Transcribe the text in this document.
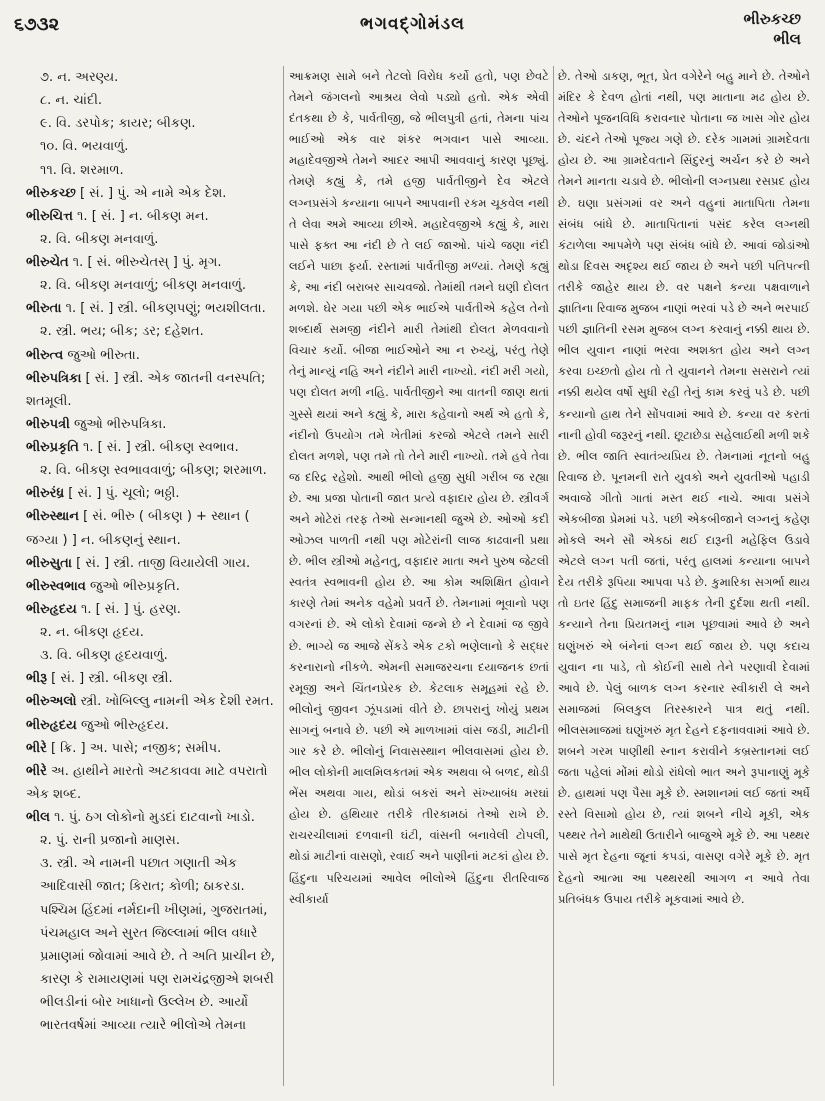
૬૭૩૨	ભગવદ્ગોમંડલ	ભીરુકચ્છ
ભીલ

૭. ન. અરણ્ય.

૮. ન. ચાંદી.

૯. વિ. ડરપોક; કાયર; બીકણ.

૧૦. વિ. ભયવાળું.

૧૧. વિ. શરમાળ.

ભીરુકચ્છ [ સં. ] પું. એ નામે એક દેશ.

ભીરુચિત્ત ૧. [ સં. ] ન. બીકણ મન.

૨. વિ. બીકણ મનવાળું.

ભીરુચેત ૧. [ સં. ભીરુચેતસ્ ] પું. મૃગ.

૨. વિ. બીકણ મનવાળું; બીકણ મનવાળું.

ભીરુતા ૧. [ સં. ] સ્ત્રી. બીકણપણું; ભયશીલતા.

૨. સ્ત્રી. ભય; બીક; ડર; દહેશત.

ભીરુત્વ જુઓ ભીરુતા.

ભીરુપત્રિકા [ સં. ] સ્ત્રી. એક જાતની વનસ્પતિ; શતમૂલી.

ભીરુપત્રી જુઓ ભીરુપત્રિકા.

ભીરુપ્રકૃતિ ૧. [ સં. ] સ્ત્રી. બીકણ સ્વભાવ.

૨. વિ. બીકણ સ્વભાવવાળું; બીકણ; શરમાળ.

ભીરુરંધ્ર [ સં. ] પું. ચૂલો; ભઠ્ઠી.

ભીરુસ્થાન [ સં. ભીરુ ( બીકણ ) + સ્થાન ( જગ્યા ) ] ન. બીકણનું સ્થાન.

ભીરુસુતા [ સં. ] સ્ત્રી. તાજી વિયાયેલી ગાય.

ભીરુસ્વભાવ જુઓ ભીરુપ્રકૃતિ.

ભીરુહૃદય ૧. [ સં. ] પું. હરણ.

૨. ન. બીકણ હૃદય.

૩. વિ. બીકણ હૃદયવાળું.

ભીરૂ [ સં. ] સ્ત્રી. બીકણ સ્ત્રી.

ભીરુઅલો સ્ત્રી. ખોબિલ્લુ નામની એક દેશી રમત.

ભીરુહૃદય જુઓ ભીરુહૃદય.

ભીરે [ ક્રિ. ] અ. પાસે; નજીક; સમીપ.

ભીરે અ. હાથીને મારતો અટકાવવા માટે વપરાતો એક શબ્દ.

ભીલ ૧. પું. ઠગ લોકોનો મુડદાં દાટવાનો ખાડો.

૨. પું. રાની પ્રજાનો માણસ.

૩. સ્ત્રી. એ નામની પછાત ગણાતી એક આદિવાસી જાત; કિરાત; કોળી; ઠાકરડા. પશ્ચિમ હિંદમાં નર્મદાની ખીણમાં, ગુજરાતમાં, પંચમહાલ અને સુરત જિલ્લામાં ભીલ વધારે પ્રમાણમાં જોવામાં આવે છે. તે અતિ પ્રાચીન છે, કારણ કે રામાયણમાં પણ રામચંદ્રજીએ શબરી ભીલડીનાં બોર ખાધાનો ઉલ્લેખ છે. આર્યો ભારતવર્ષમાં આવ્યા ત્યારે ભીલોએ તેમના

આક્રમણ સામે બને તેટલો વિરોધ કર્યો હતો, પણ છેવટે તેમને જંગલનો આશ્રય લેવો પડ્યો હતો. એક એવી દંતકથા છે કે, પાર્વતીજી, જે ભીલપુત્રી હતાં, તેમના પાંચ ભાઈઓ એક વાર શંકર ભગવાન પાસે આવ્યા. મહાદેવજીએ તેમને આદર આપી આવવાનું કારણ પૂછ્યું. તેમણે કહ્યું કે, તમે હજી પાર્વતીજીને દેવ એટલે લગ્નપ્રસંગે કન્યાના બાપને આપવાની રકમ ચૂકવેલ નથી તે લેવા અમે આવ્યા છીએ. મહાદેવજીએ કહ્યું કે, મારા પાસે ફક્ત આ નંદી છે તે લઈ જાઓ. પાંચે જણા નંદી લઈને પાછા ફર્યા. રસ્તામાં પાર્વતીજી મળ્યાં. તેમણે કહ્યું કે, આ નંદી બરાબર સાચવજો. તેમાંથી તમને ઘણી દોલત મળશે. ઘેર ગયા પછી એક ભાઈએ પાર્વતીએ કહેલ તેનો શબ્દાર્થ સમજી નંદીને મારી તેમાંથી દોલત મેળવવાનો વિચાર કર્યો. બીજા ભાઈઓને આ ન રુચ્યું, પરંતુ તેણે તેનું માન્યું નહિ અને નંદીને મારી નાખ્યો. નંદી મરી ગયો, પણ દોલત મળી નહિ. પાર્વતીજીને આ વાતની જાણ થતાં ગુસ્સે થયાં અને કહ્યું કે, મારા કહેવાનો અર્થ એ હતો કે, નંદીનો ઉપયોગ તમે ખેતીમાં કરજો એટલે તમને સારી દોલત મળશે, પણ તમે તો તેને મારી નાખ્યો. તમે હવે તેવા જ દરિદ્ર રહેશો. આથી ભીલો હજી સુધી ગરીબ જ રહ્યા છે. આ પ્રજા પોતાની જાત પ્રત્યે વફાદાર હોય છે. સ્ત્રીવર્ગ અને મોટેરાં તરફ તેઓ સન્માનથી જુએ છે. ઓઓ કદી ઓઝલ પાળતી નથી પણ મોટેરાંની લાજ કાઢવાની પ્રથા છે. ભીલ સ્ત્રીઓ મહેનતુ, વફાદાર માતા અને પુરુષ જેટલી સ્વતંત્ર સ્વભાવની હોય છે. આ કોમ અશિક્ષિત હોવાને કારણે તેમાં અનેક વહેમો પ્રવર્તે છે. તેમનામાં ભૂવાનો પણ વગરનાં છે. એ લોકો દેવામાં જન્મે છે ને દેવામાં જ જીવે છે. ભાગ્યે જ આજે સેંકડે એક ટકો ભણેલાનો કે સદ્ધર કરનારાનો નીકળે. એમની સમાજરચના દયાજનક છતાં રમૂજી અને ચિંતનપ્રેરક છે. કેટલાક સમૂહમાં રહે છે. ભીલોનું જીવન ઝૂંપડામાં વીતે છે. છાપરાનું ખોયું પ્રથમ સાગનું બનાવે છે. પછી એ માળખામાં વાંસ જડી, માટીની ગાર કરે છે. ભીલોનું નિવાસસ્થાન ભીલવાસમાં હોય છે. ભીલ લોકોની માલમિલકતમાં એક અથવા બે બળદ, થોડી ભેંસ અથવા ગાય, થોડાં બકરાં અને સંખ્યાબંધ મરઘાં હોય છે. હથિયાર તરીકે તીરકામઠાં તેઓ રાખે છે. રાચરચીલામાં દળવાની ઘંટી, વાંસની બનાવેલી ટોપલી, થોડાં માટીનાં વાસણો, રવાઈ અને પાણીનાં મટકાં હોય છે. હિંદુના પરિચયમાં આવેલ ભીલોએ હિંદુના રીતરિવાજ સ્વીકાર્યા

છે. તેઓ ડાકણ, ભૂત, પ્રેત વગેરેને બહુ માને છે. તેઓને મંદિર કે દેવળ હોતાં નથી, પણ માતાના મઢ હોય છે. તેઓને પૂજનવિધિ કરાવનાર પોતાના જ ખાસ ગોર હોય છે. ચંદને તેઓ પૂજ્ય ગણે છે. દરેક ગામમાં ગ્રામદેવતા હોય છે. આ ગ્રામદેવતાને સિંદુરનું અર્ચન કરે છે અને તેમને માનતા ચડાવે છે. ભીલોની લગ્નપ્રથા રસપ્રદ હોય છે. ઘણા પ્રસંગમાં વર અને વહુનાં માતાપિતા તેમના સંબંધ બાંધે છે. માતાપિતાનાં પસંદ કરેલ લગ્નથી કંટાળેલા આપમેળે પણ સંબંધ બાંધે છે. આવાં જોડાંઓ થોડા દિવસ અદૃશ્ય થઈ જાય છે અને પછી પતિપત્ની તરીકે જાહેર થાય છે. વર પક્ષને કન્યા પક્ષવાળાને જ્ઞાતિના રિવાજ મુજબ નાણાં ભરવાં પડે છે અને ભરપાઈ પછી જ્ઞાતિની રસમ મુજબ લગ્ન કરવાનું નક્કી થાય છે. ભીલ યુવાન નાણાં ભરવા અશક્ત હોય અને લગ્ન કરવા ઇચ્છતો હોય તો તે યુવાનને તેમના સસરાને ત્યાં નક્કી થયેલ વર્ષો સુધી રહી તેનું કામ કરવું પડે છે. પછી કન્યાનો હાથ તેને સોંપવામાં આવે છે. કન્યા વર કરતાં નાની હોવી જરૂરનું નથી. છૂટાછેડા સહેલાઈથી મળી શકે છે. ભીલ જાતિ સ્વાતંત્ર્યપ્રિય છે. તેમનામાં નૂતનો બહુ રિવાજ છે. પૂનમની રાતે યુવકો અને યુવતીઓ પહાડી અવાજે ગીતો ગાતાં મસ્ત થઈ નાચે. આવા પ્રસંગે એકબીજા પ્રેમમાં પડે. પછી એકબીજાને લગ્નનું કહેણ મોકલે અને સૌ એકઠાં થઈ દારૂની મહેફિલ ઉડાવે એટલે લગ્ન પતી જતાં, પરંતુ હાલમાં કન્યાના બાપને દેય તરીકે રૂપિયા આપવા પડે છે. કુમારિકા સગર્ભા થાય તો ઇતર હિંદુ સમાજની માફક તેની દુર્દશા થતી નથી. કન્યાને તેના પ્રિયતમનું નામ પૂછવામાં આવે છે અને ઘણુંખરું એ બંનેનાં લગ્ન થઈ જાય છે. પણ કદાચ યુવાન ના પાડે, તો કોઈની સાથે તેને પરણાવી દેવામાં આવે છે. પેલું બાળક લગ્ન કરનાર સ્વીકારી લે અને સમાજમાં બિલકુલ તિરસ્કારને પાત્ર થતું નથી. ભીલસમાજમાં ઘણુંખરું મૃત દેહને દફનાવવામાં આવે છે. શબને ગરમ પાણીથી સ્નાન કરાવીને કબ્રસ્તાનમાં લઈ જતા પહેલાં મોંમાં થોડો રાંધેલો ભાત અને રૂપાનાણું મૂકે છે. હાથમાં પણ પૈસા મૂકે છે. સ્મશાનમાં લઈ જતાં અર્ધે રસ્તે વિસામો હોય છે, ત્યાં શબને નીચે મૂકી, એક પથ્થર તેને માથેથી ઉતારીને બાજુએ મૂકે છે. આ પથ્થર પાસે મૃત દેહના જૂનાં કપડાં, વાસણ વગેરે મૂકે છે. મૃત દેહનો આત્મા આ પથ્થરથી આગળ ન આવે તેવા પ્રતિબંધક ઉપાય તરીકે મૂકવામાં આવે છે.
